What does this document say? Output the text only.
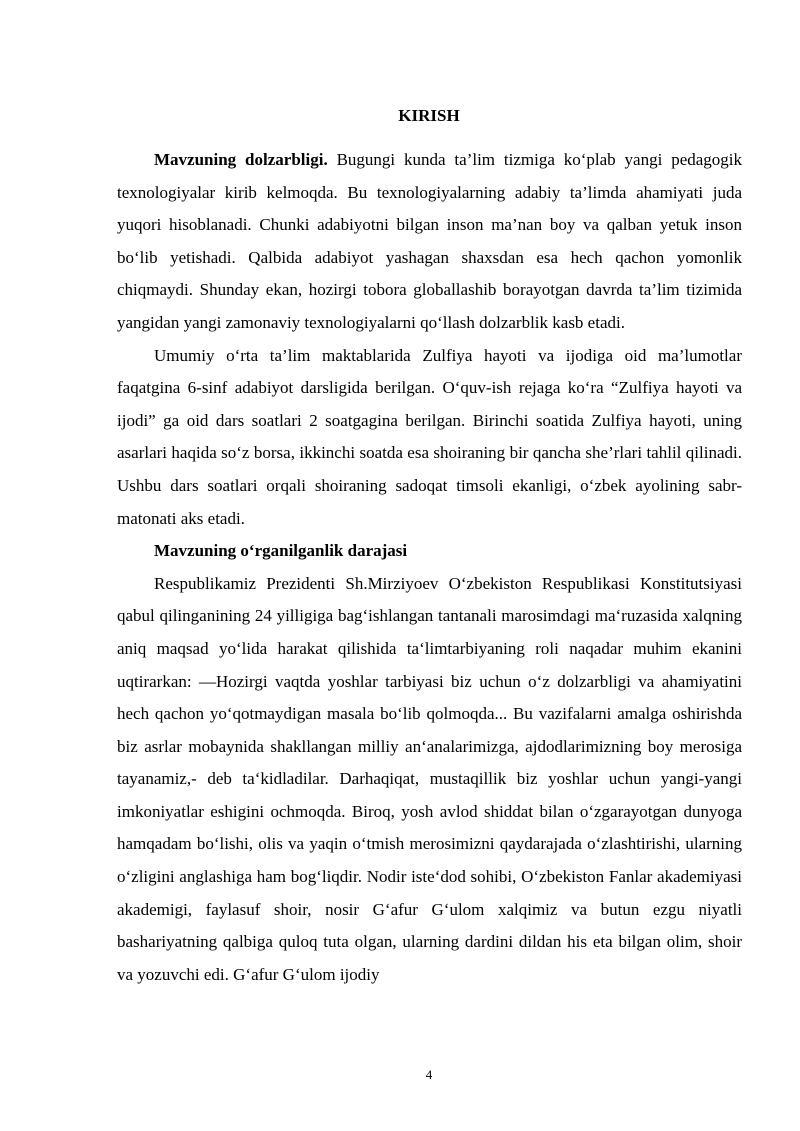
KIRISH

Mavzuning dolzarbligi. Bugungi kunda ta’lim tizmiga ko‘plab yangi pedagogik texnologiyalar kirib kelmoqda. Bu texnologiyalarning adabiy ta’limda ahamiyati juda yuqori hisoblanadi. Chunki adabiyotni bilgan inson ma’nan boy va qalban yetuk inson bo‘lib yetishadi. Qalbida adabiyot yashagan shaxsdan esa hech qachon yomonlik chiqmaydi. Shunday ekan, hozirgi tobora globallashib borayotgan davrda ta’lim tizimida yangidan yangi zamonaviy texnologiyalarni qo‘llash dolzarblik kasb etadi.

Umumiy o‘rta ta’lim maktablarida Zulfiya hayoti va ijodiga oid ma’lumotlar faqatgina 6-sinf adabiyot darsligida berilgan. O‘quv-ish rejaga ko‘ra “Zulfiya hayoti va ijodi” ga oid dars soatlari 2 soatgagina berilgan. Birinchi soatida Zulfiya hayoti, uning asarlari haqida so‘z borsa, ikkinchi soatda esa shoiraning bir qancha she’rlari tahlil qilinadi. Ushbu dars soatlari orqali shoiraning sadoqat timsoli ekanligi, o‘zbek ayolining sabr-matonati aks etadi.

Mavzuning o‘rganilganlik darajasi

Respublikamiz Prezidenti Sh.Mirziyoev O‘zbekiston Respublikasi Konstitutsiyasi qabul qilinganining 24 yilligiga bag‘ishlangan tantanali marosimdagi ma‘ruzasida xalqning aniq maqsad yo‘lida harakat qilishida ta‘limtarbiyaning roli naqadar muhim ekanini uqtirarkan: ―Hozirgi vaqtda yoshlar tarbiyasi biz uchun o‘z dolzarbligi va ahamiyatini hech qachon yo‘qotmaydigan masala bo‘lib qolmoqda... Bu vazifalarni amalga oshirishda biz asrlar mobaynida shakllangan milliy an‘analarimizga, ajdodlarimizning boy merosiga tayanamiz,- deb ta‘kidladilar. Darhaqiqat, mustaqillik biz yoshlar uchun yangi-yangi imkoniyatlar eshigini ochmoqda. Biroq, yosh avlod shiddat bilan o‘zgarayotgan dunyoga hamqadam bo‘lishi, olis va yaqin o‘tmish merosimizni qaydarajada o‘zlashtirishi, ularning o‘zligini anglashiga ham bog‘liqdir. Nodir iste‘dod sohibi, O‘zbekiston Fanlar akademiyasi akademigi, faylasuf shoir, nosir G‘afur G‘ulom xalqimiz va butun ezgu niyatli bashariyatning qalbiga quloq tuta olgan, ularning dardini dildan his eta bilgan olim, shoir va yozuvchi edi. G‘afur G‘ulom ijodiy

4
